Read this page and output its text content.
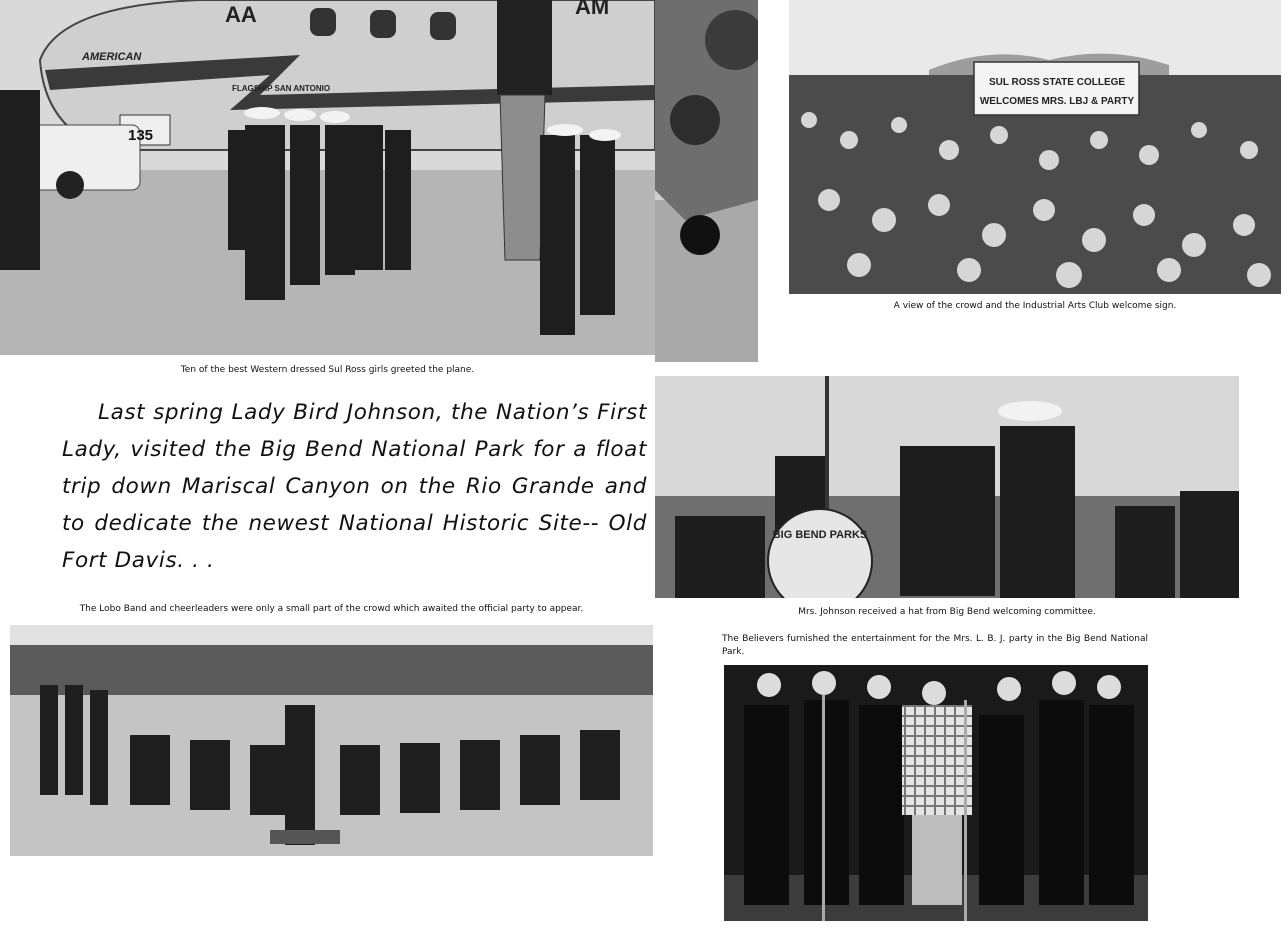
AA
AMERICAN
AM
FLAGSHIP SAN ANTONIO
135
SUL ROSS STATE COLLEGE
WELCOMES MRS. LBJ & PARTY
Ten of the best Western dressed Sul Ross girls greeted the plane.
A view of the crowd and the Industrial Arts Club welcome sign.
Last spring Lady Bird Johnson, the Nation’s First Lady, visited the Big Bend National Park for a float trip down Mariscal Canyon on the Rio Grande and to dedicate the newest National Historic Site-- Old Fort Davis. . .
BIG BEND PARKS
Mrs. Johnson received a hat from Big Bend welcoming committee.
The Lobo Band and cheerleaders were only a small part of the crowd which awaited the official party to appear.
The Believers furnished the entertainment for the Mrs. L. B. J. party in the Big Bend National Park.
